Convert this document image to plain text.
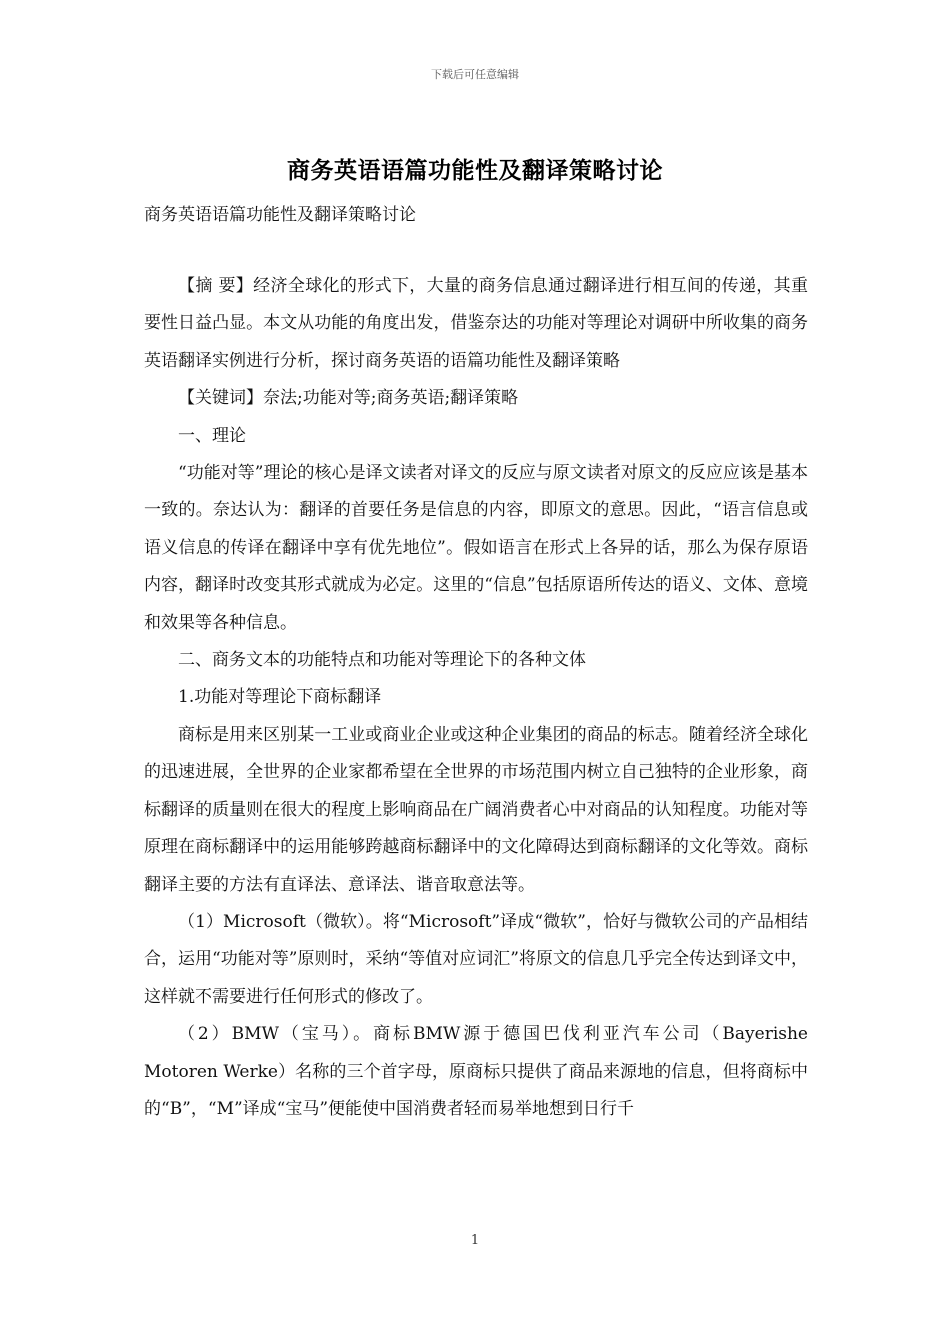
下载后可任意编辑
商务英语语篇功能性及翻译策略讨论
商务英语语篇功能性及翻译策略讨论

【摘 要】经济全球化的形式下，大量的商务信息通过翻译进行相互间的传递，其重要性日益凸显。本文从功能的角度出发，借鉴奈达的功能对等理论对调研中所收集的商务英语翻译实例进行分析，探讨商务英语的语篇功能性及翻译策略

【关键词】奈法;功能对等;商务英语;翻译策略

一、理论

“功能对等”理论的核心是译文读者对译文的反应与原文读者对原文的反应应该是基本一致的。奈达认为：翻译的首要任务是信息的内容，即原文的意思。因此，“语言信息或语义信息的传译在翻译中享有优先地位”。假如语言在形式上各异的话，那么为保存原语内容，翻译时改变其形式就成为必定。这里的“信息”包括原语所传达的语义、文体、意境和效果等各种信息。

二、商务文本的功能特点和功能对等理论下的各种文体

1.功能对等理论下商标翻译

商标是用来区别某一工业或商业企业或这种企业集团的商品的标志。随着经济全球化的迅速进展，全世界的企业家都希望在全世界的市场范围内树立自己独特的企业形象，商标翻译的质量则在很大的程度上影响商品在广阔消费者心中对商品的认知程度。功能对等原理在商标翻译中的运用能够跨越商标翻译中的文化障碍达到商标翻译的文化等效。商标翻译主要的方法有直译法、意译法、谐音取意法等。

（1）Microsoft（微软）。将“Microsoft”译成“微软”，恰好与微软公司的产品相结合，运用“功能对等”原则时，采纳“等值对应词汇”将原文的信息几乎完全传达到译文中，这样就不需要进行任何形式的修改了。

（2）BMW（宝马）。商标BMW源于德国巴伐利亚汽车公司（Bayerishe Motoren Werke）名称的三个首字母，原商标只提供了商品来源地的信息，但将商标中的“B”，“M”译成“宝马”便能使中国消费者轻而易举地想到日行千

1
